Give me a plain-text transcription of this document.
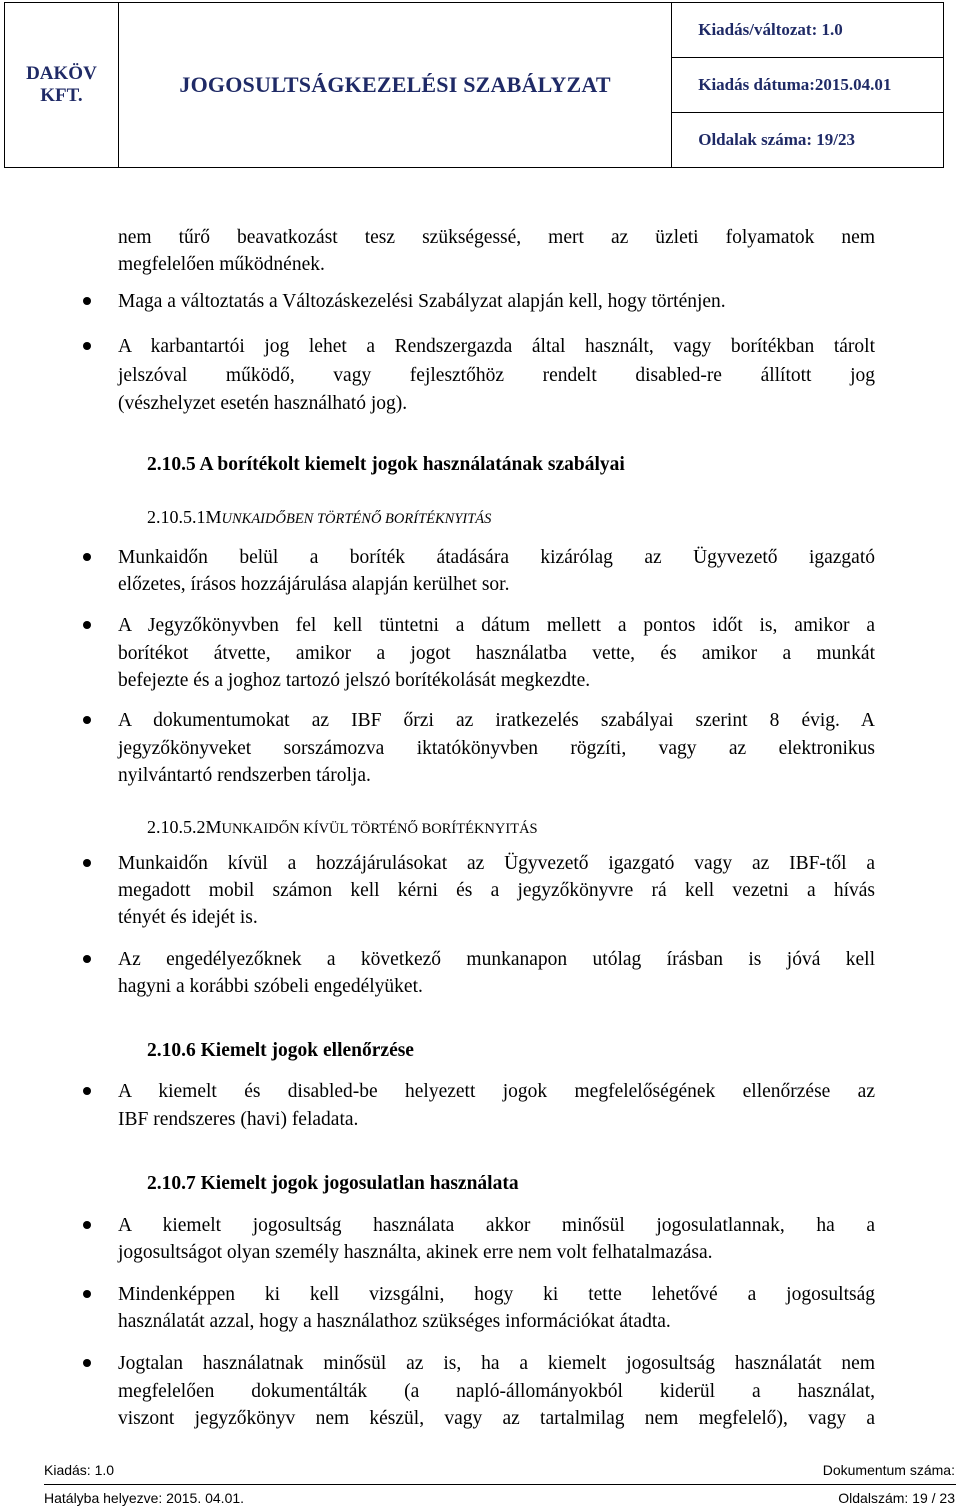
DAKÖV KFT.	JOGOSULTSÁGKEZELÉSI SZABÁLYZAT	Kiadás/változat: 1.0
Kiadás dátuma:2015.04.01
Oldalak száma: 19/23
nem tűrő beavatkozást tesz szükségessé, mert az üzleti folyamatok nem
megfelelően működnének.
Maga a változtatás a Változáskezelési Szabályzat alapján kell, hogy történjen.
A karbantartói jog lehet a Rendszergazda által használt, vagy borítékban tárolt
jelszóval működő, vagy fejlesztőhöz rendelt disabled-re állított jog
(vészhelyzet esetén használható jog).
2.10.5 A borítékolt kiemelt jogok használatának szabályai
2.10.5.1MUNKAIDŐBEN TÖRTÉNŐ BORÍTÉKNYITÁS
Munkaidőn belül a boríték átadására kizárólag az Ügyvezető igazgató
előzetes, írásos hozzájárulása alapján kerülhet sor.
A Jegyzőkönyvben fel kell tüntetni a dátum mellett a pontos időt is, amikor a
borítékot átvette, amikor a jogot használatba vette, és amikor a munkát
befejezte és a joghoz tartozó jelszó borítékolását megkezdte.
A dokumentumokat az IBF őrzi az iratkezelés szabályai szerint 8 évig. A
jegyzőkönyveket sorszámozva iktatókönyvben rögzíti, vagy az elektronikus
nyilvántartó rendszerben tárolja.
2.10.5.2MUNKAIDŐN KÍVÜL TÖRTÉNŐ BORÍTÉKNYITÁS
Munkaidőn kívül a hozzájárulásokat az Ügyvezető igazgató vagy az IBF-től a
megadott mobil számon kell kérni és a jegyzőkönyvre rá kell vezetni a hívás
tényét és idejét is.
Az engedélyezőknek a következő munkanapon utólag írásban is jóvá kell
hagyni a korábbi szóbeli engedélyüket.
2.10.6 Kiemelt jogok ellenőrzése
A kiemelt és disabled-be helyezett jogok megfelelőségének ellenőrzése az
IBF rendszeres (havi) feladata.
2.10.7 Kiemelt jogok jogosulatlan használata
A kiemelt jogosultság használata akkor minősül jogosulatlannak, ha a
jogosultságot olyan személy használta, akinek erre nem volt felhatalmazása.
Mindenképpen ki kell vizsgálni, hogy ki tette lehetővé a jogosultság
használatát azzal, hogy a használathoz szükséges információkat átadta.
Jogtalan használatnak minősül az is, ha a kiemelt jogosultság használatát nem
megfelelően dokumentálták (a napló-állományokból kiderül a használat,
viszont jegyzőkönyv nem készül, vagy az tartalmilag nem megfelelő), vagy a
Kiadás: 1.0	Dokumentum száma:
Hatályba helyezve: 2015. 04.01.	Oldalszám: 19 / 23
